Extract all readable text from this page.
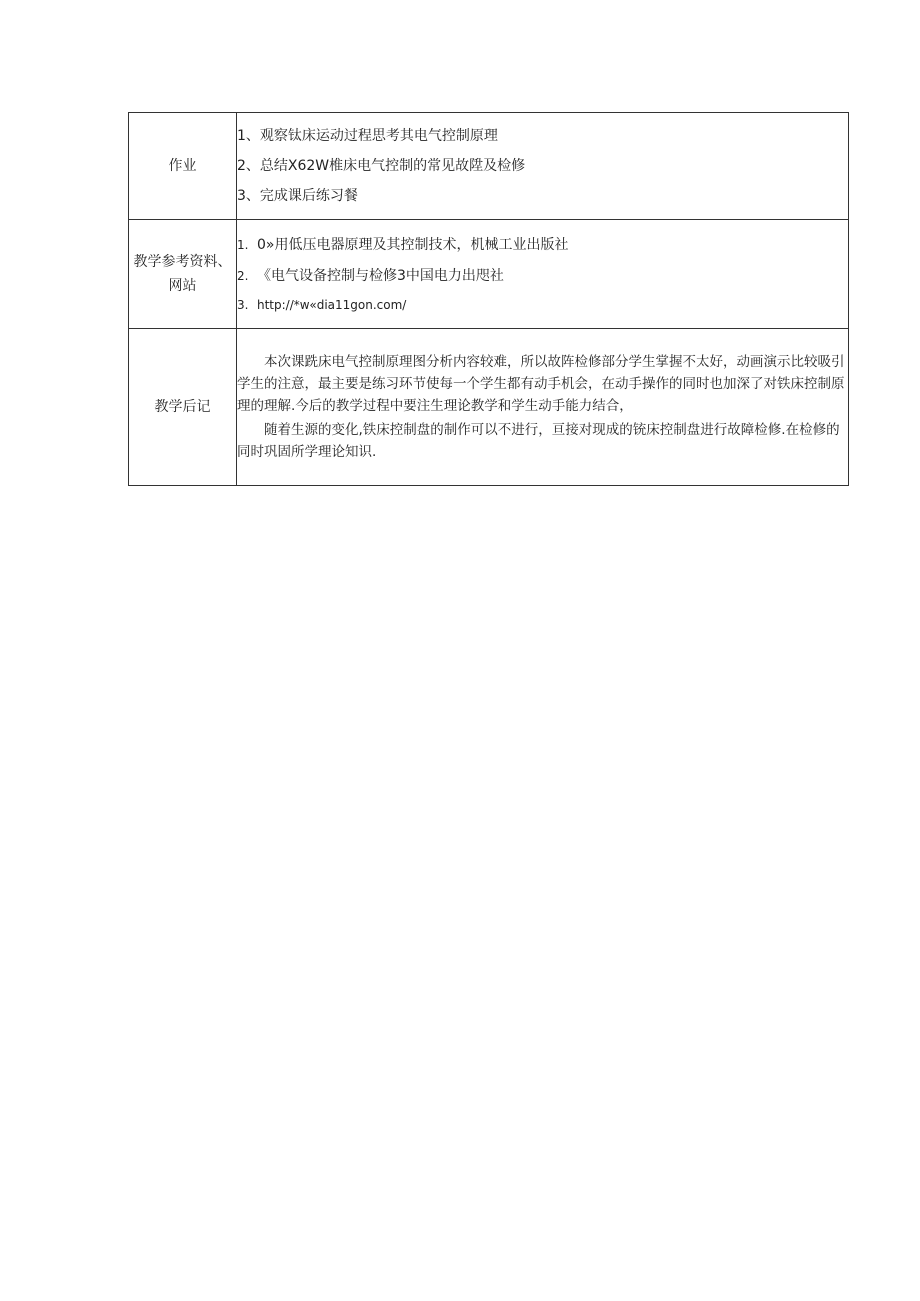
作业	1、观察钛床运动过程思考其电气控制原理
2、总结X62W椎床电气控制的常见故陞及检修
3、完成课后练习餐

教学参考资料、网站	1. 0»用低压电器原理及其控制技术，机械工业出版社
2. 《电气设备控制与检修3中国电力出咫社
3. http://*w«dia11gon.com/

教学后记	本次课跣床电气控制原理图分析内容较难，所以故阵检修部分学生掌握不太好，动画演示比较吸引学生的注意，最主要是练习环节使每一个学生都有动手机会，在动手操作的同时也加深了对铁床控制原理的理解.今后的教学过程中要注生理论教学和学生动手能力结合，

随着生源的变化,铁床控制盘的制作可以不进行，亘接对现成的铳床控制盘进行故障检修.在检修的同时巩固所学理论知识.
